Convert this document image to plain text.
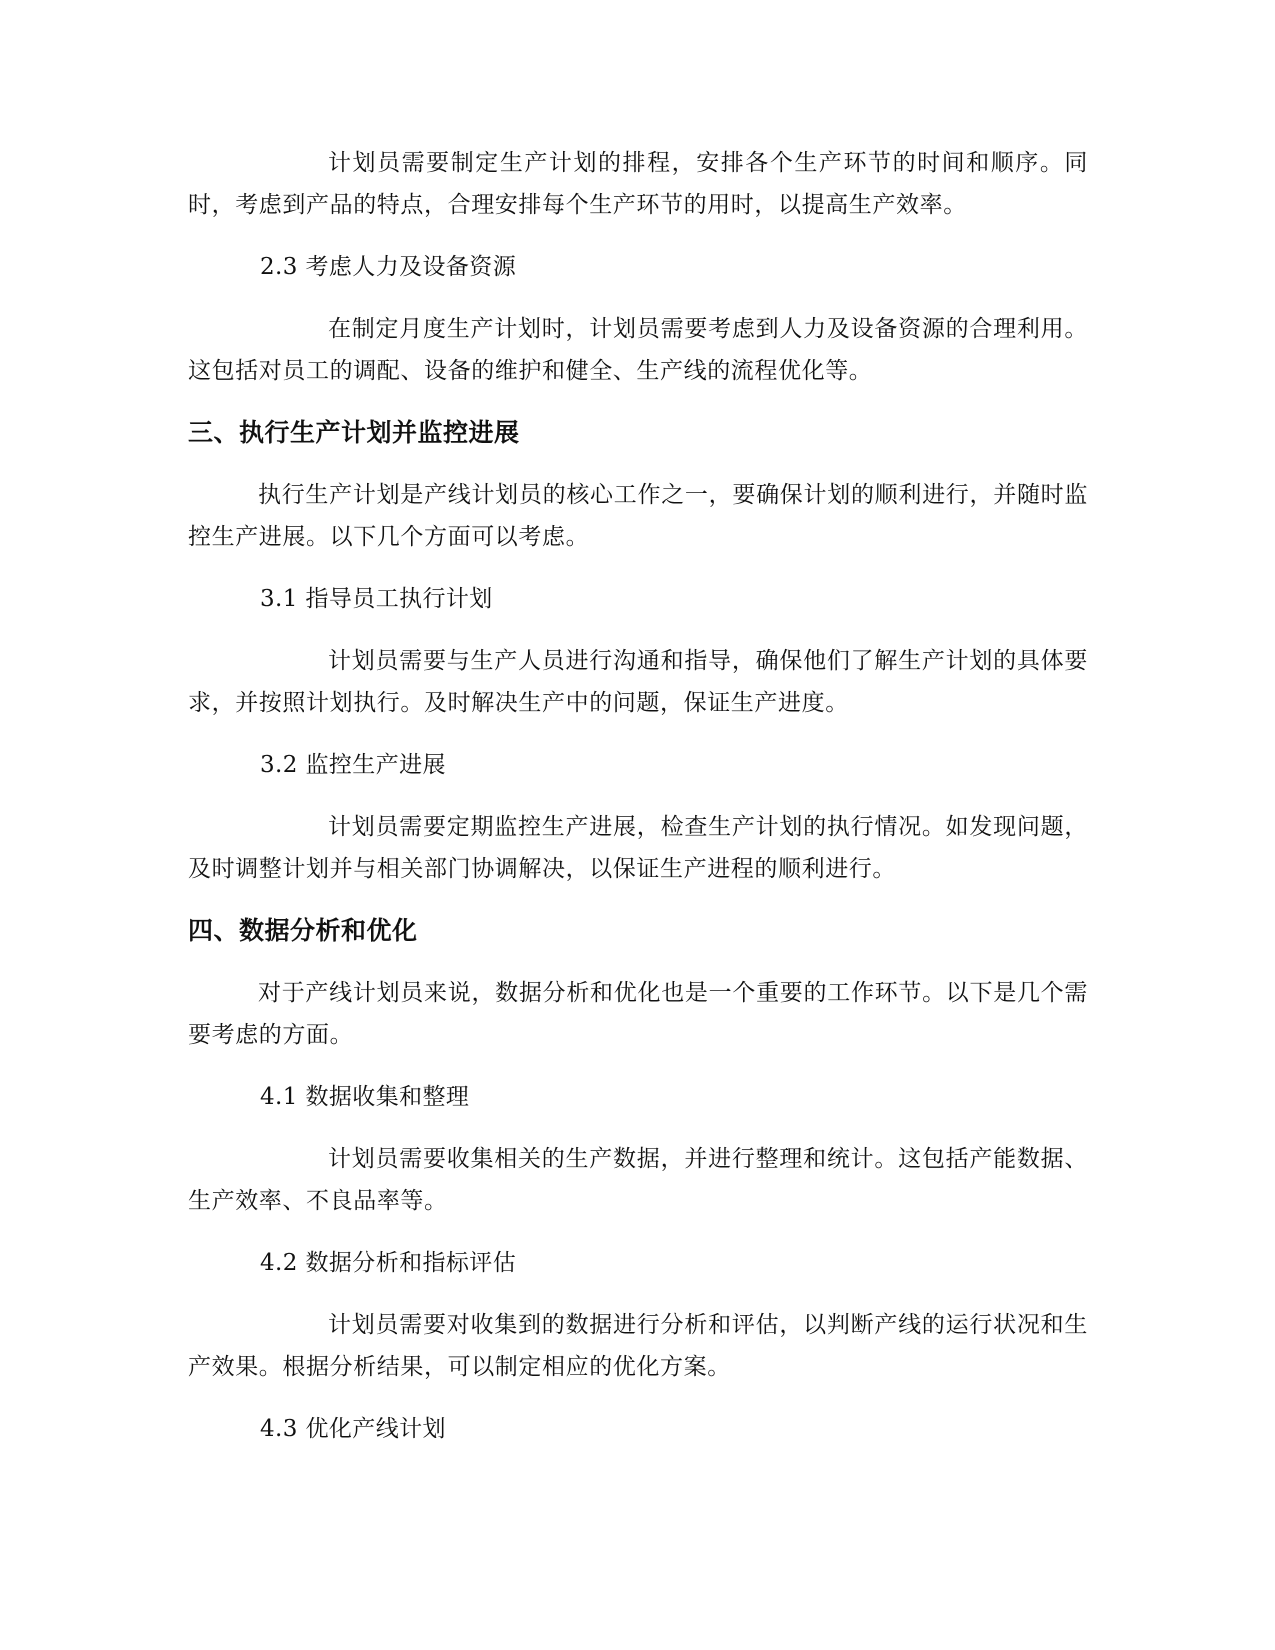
计划员需要制定生产计划的排程，安排各个生产环节的时间和顺序。同时，考虑到产品的特点，合理安排每个生产环节的用时，以提高生产效率。

2.3 考虑人力及设备资源

在制定月度生产计划时，计划员需要考虑到人力及设备资源的合理利用。这包括对员工的调配、设备的维护和健全、生产线的流程优化等。

三、执行生产计划并监控进展

执行生产计划是产线计划员的核心工作之一，要确保计划的顺利进行，并随时监控生产进展。以下几个方面可以考虑。

3.1 指导员工执行计划

计划员需要与生产人员进行沟通和指导，确保他们了解生产计划的具体要求，并按照计划执行。及时解决生产中的问题，保证生产进度。

3.2 监控生产进展

计划员需要定期监控生产进展，检查生产计划的执行情况。如发现问题，及时调整计划并与相关部门协调解决，以保证生产进程的顺利进行。

四、数据分析和优化

对于产线计划员来说，数据分析和优化也是一个重要的工作环节。以下是几个需要考虑的方面。

4.1 数据收集和整理

计划员需要收集相关的生产数据，并进行整理和统计。这包括产能数据、生产效率、不良品率等。

4.2 数据分析和指标评估

计划员需要对收集到的数据进行分析和评估，以判断产线的运行状况和生产效果。根据分析结果，可以制定相应的优化方案。

4.3 优化产线计划
